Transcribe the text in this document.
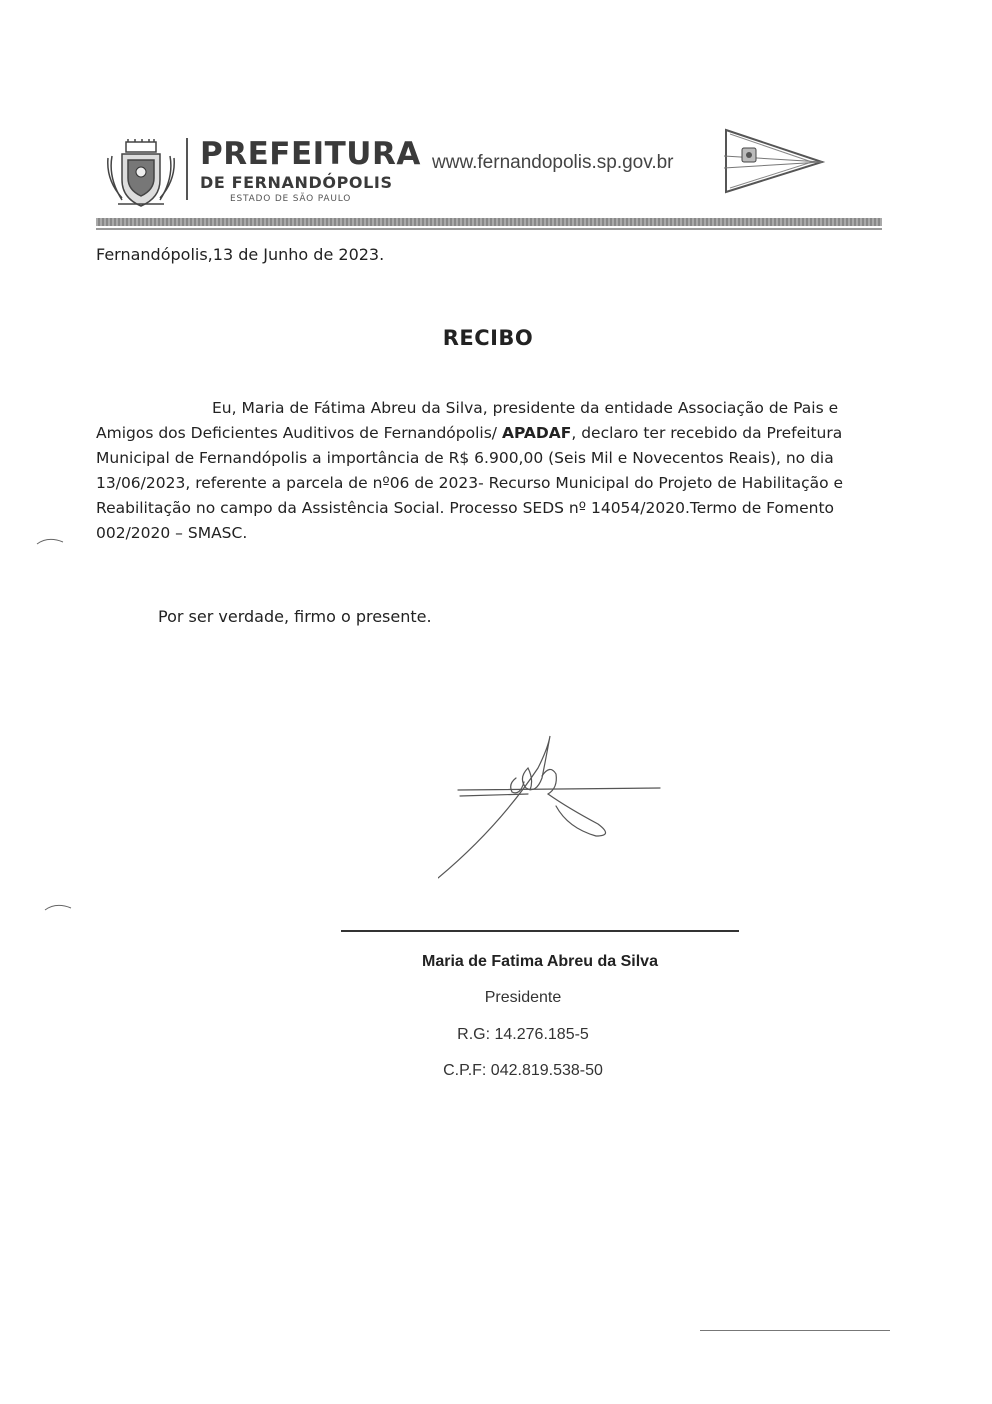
PREFEITURA
DE FERNANDÓPOLIS
ESTADO DE SÃO PAULO
www.fernandopolis.sp.gov.br
Fernandópolis,13 de Junho de 2023.
RECIBO
Eu, Maria de Fátima Abreu da Silva, presidente da entidade Associação de Pais e
Amigos dos Deficientes Auditivos de Fernandópolis/ APADAF, declaro ter recebido da Prefeitura
Municipal de Fernandópolis a importância de R$ 6.900,00 (Seis Mil e Novecentos Reais), no dia
13/06/2023, referente a parcela de nº06 de 2023- Recurso Municipal do Projeto de Habilitação e
Reabilitação no campo da Assistência Social. Processo SEDS nº 14054/2020.Termo de Fomento
002/2020 – SMASC.
Por ser verdade, firmo o presente.
Maria de Fatima Abreu da Silva
Presidente
R.G: 14.276.185-5
C.P.F: 042.819.538-50
